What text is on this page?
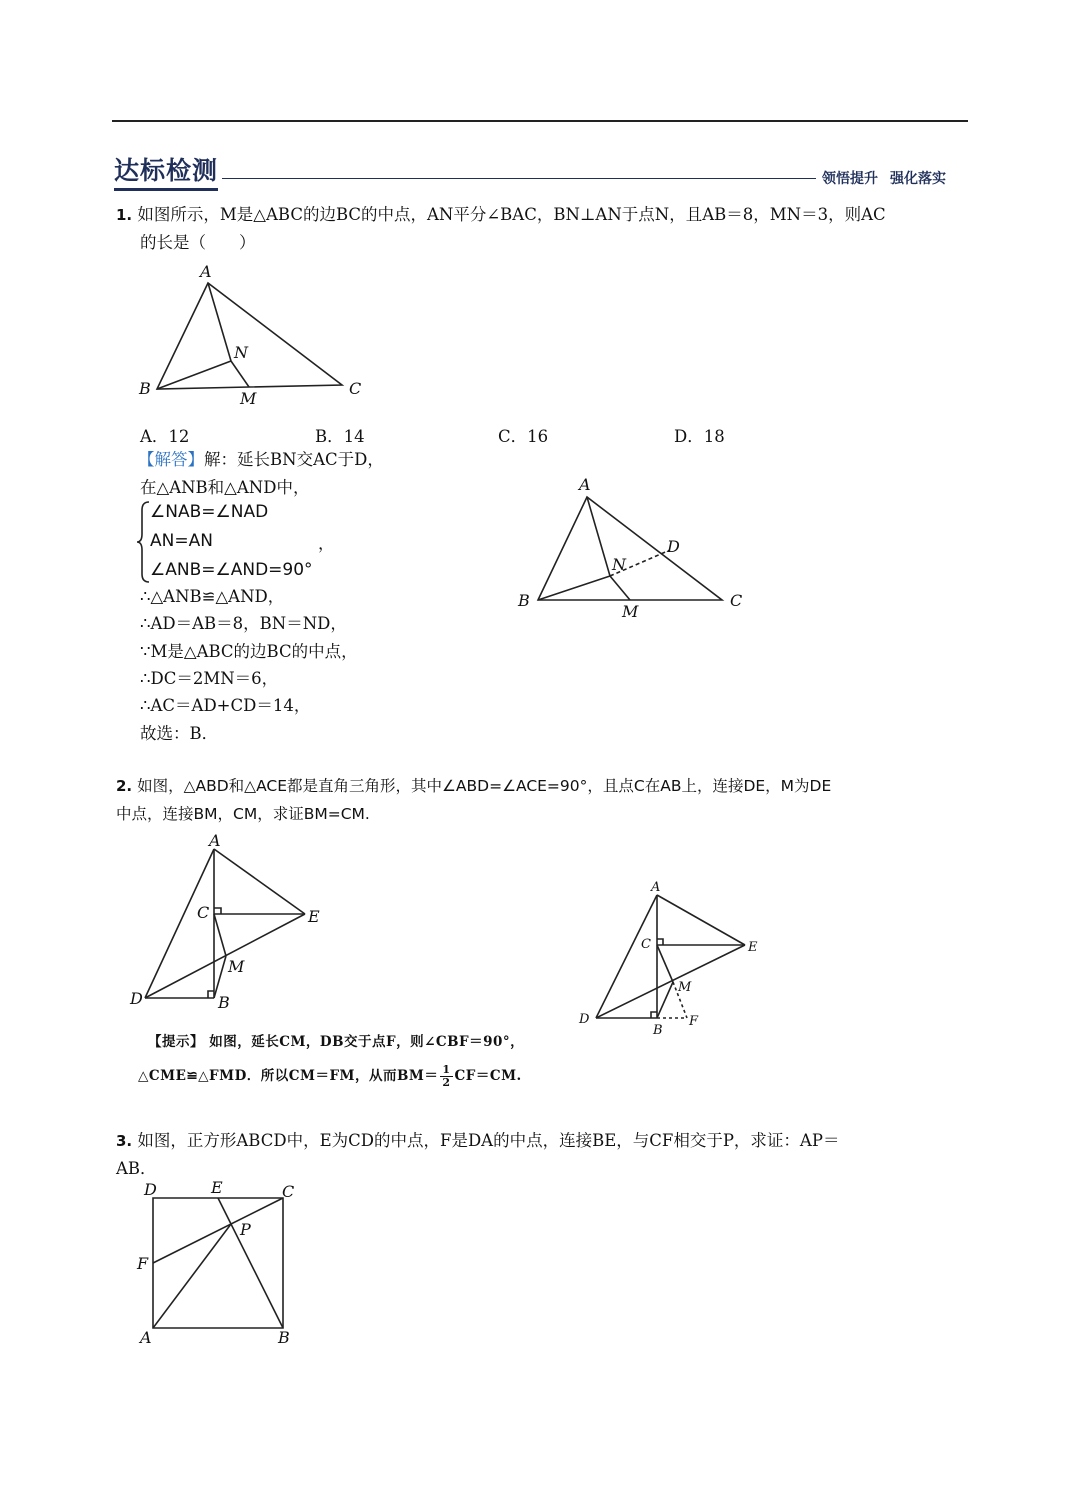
达标检测	领悟提升 强化落实
1. 如图所示，M是△ABC的边BC的中点，AN平分∠BAC，BN⊥AN于点N，且AB＝8，MN＝3，则AC
的长是（　　）
A
B	C
N
M
A．12	B．14	C．16	D．18
【解答】解：延长BN交AC于D，
在△ANB和△AND中，
∠NAB=∠NAD
AN=AN
∠ANB=∠AND=90°
，
∴△ANB≌△AND，
∴AD＝AB＝8，BN＝ND，
∵M是△ABC的边BC的中点，
∴DC＝2MN＝6，
∴AC＝AD+CD＝14，
故选：B．
A
B	C
N
M
D
2. 如图，△ABD和△ACE都是直角三角形，其中∠ABD=∠ACE=90°，且点C在AB上，连接DE，M为DE
中点，连接BM，CM，求证BM=CM.
A
C	E
M
D	B
【提示】 如图，延长CM，DB交于点F，则∠CBF＝90°，
△CME≌△FMD．所以CM＝FM，从而$BM= \frac{1}{2} CF=CM$.
A
C	E
M
D
B
F
3. 如图，正方形ABCD中，E为CD的中点，F是DA的中点，连接BE，与CF相交于P，求证：AP＝
AB．
D	E	C
P
F
A	B
